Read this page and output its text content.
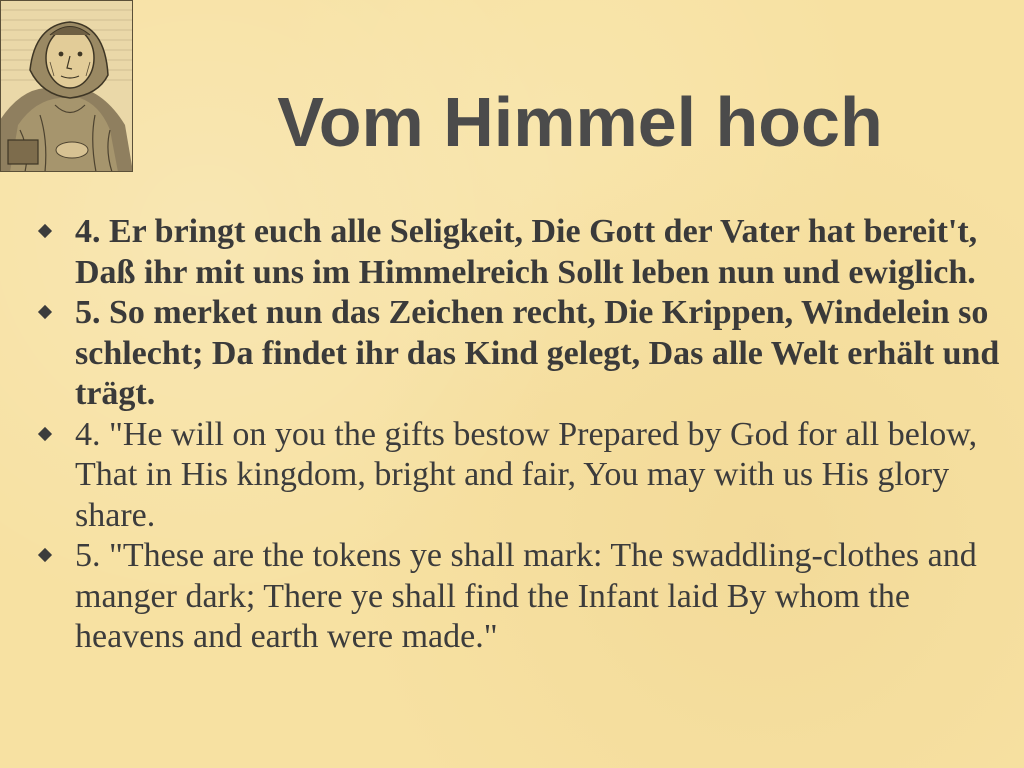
Vom Himmel hoch
4. Er bringt euch alle Seligkeit, Die Gott der Vater hat bereit't, Daß ihr mit uns im Himmelreich Sollt leben nun und ewiglich.
5. So merket nun das Zeichen recht, Die Krippen, Windelein so schlecht; Da findet ihr das Kind gelegt, Das alle Welt erhält und trägt.
4. "He will on you the gifts bestow Prepared by God for all below, That in His kingdom, bright and fair, You may with us His glory share.
5. "These are the tokens ye shall mark: The swaddling-clothes and manger dark; There ye shall find the Infant laid By whom the heavens and earth were made."
